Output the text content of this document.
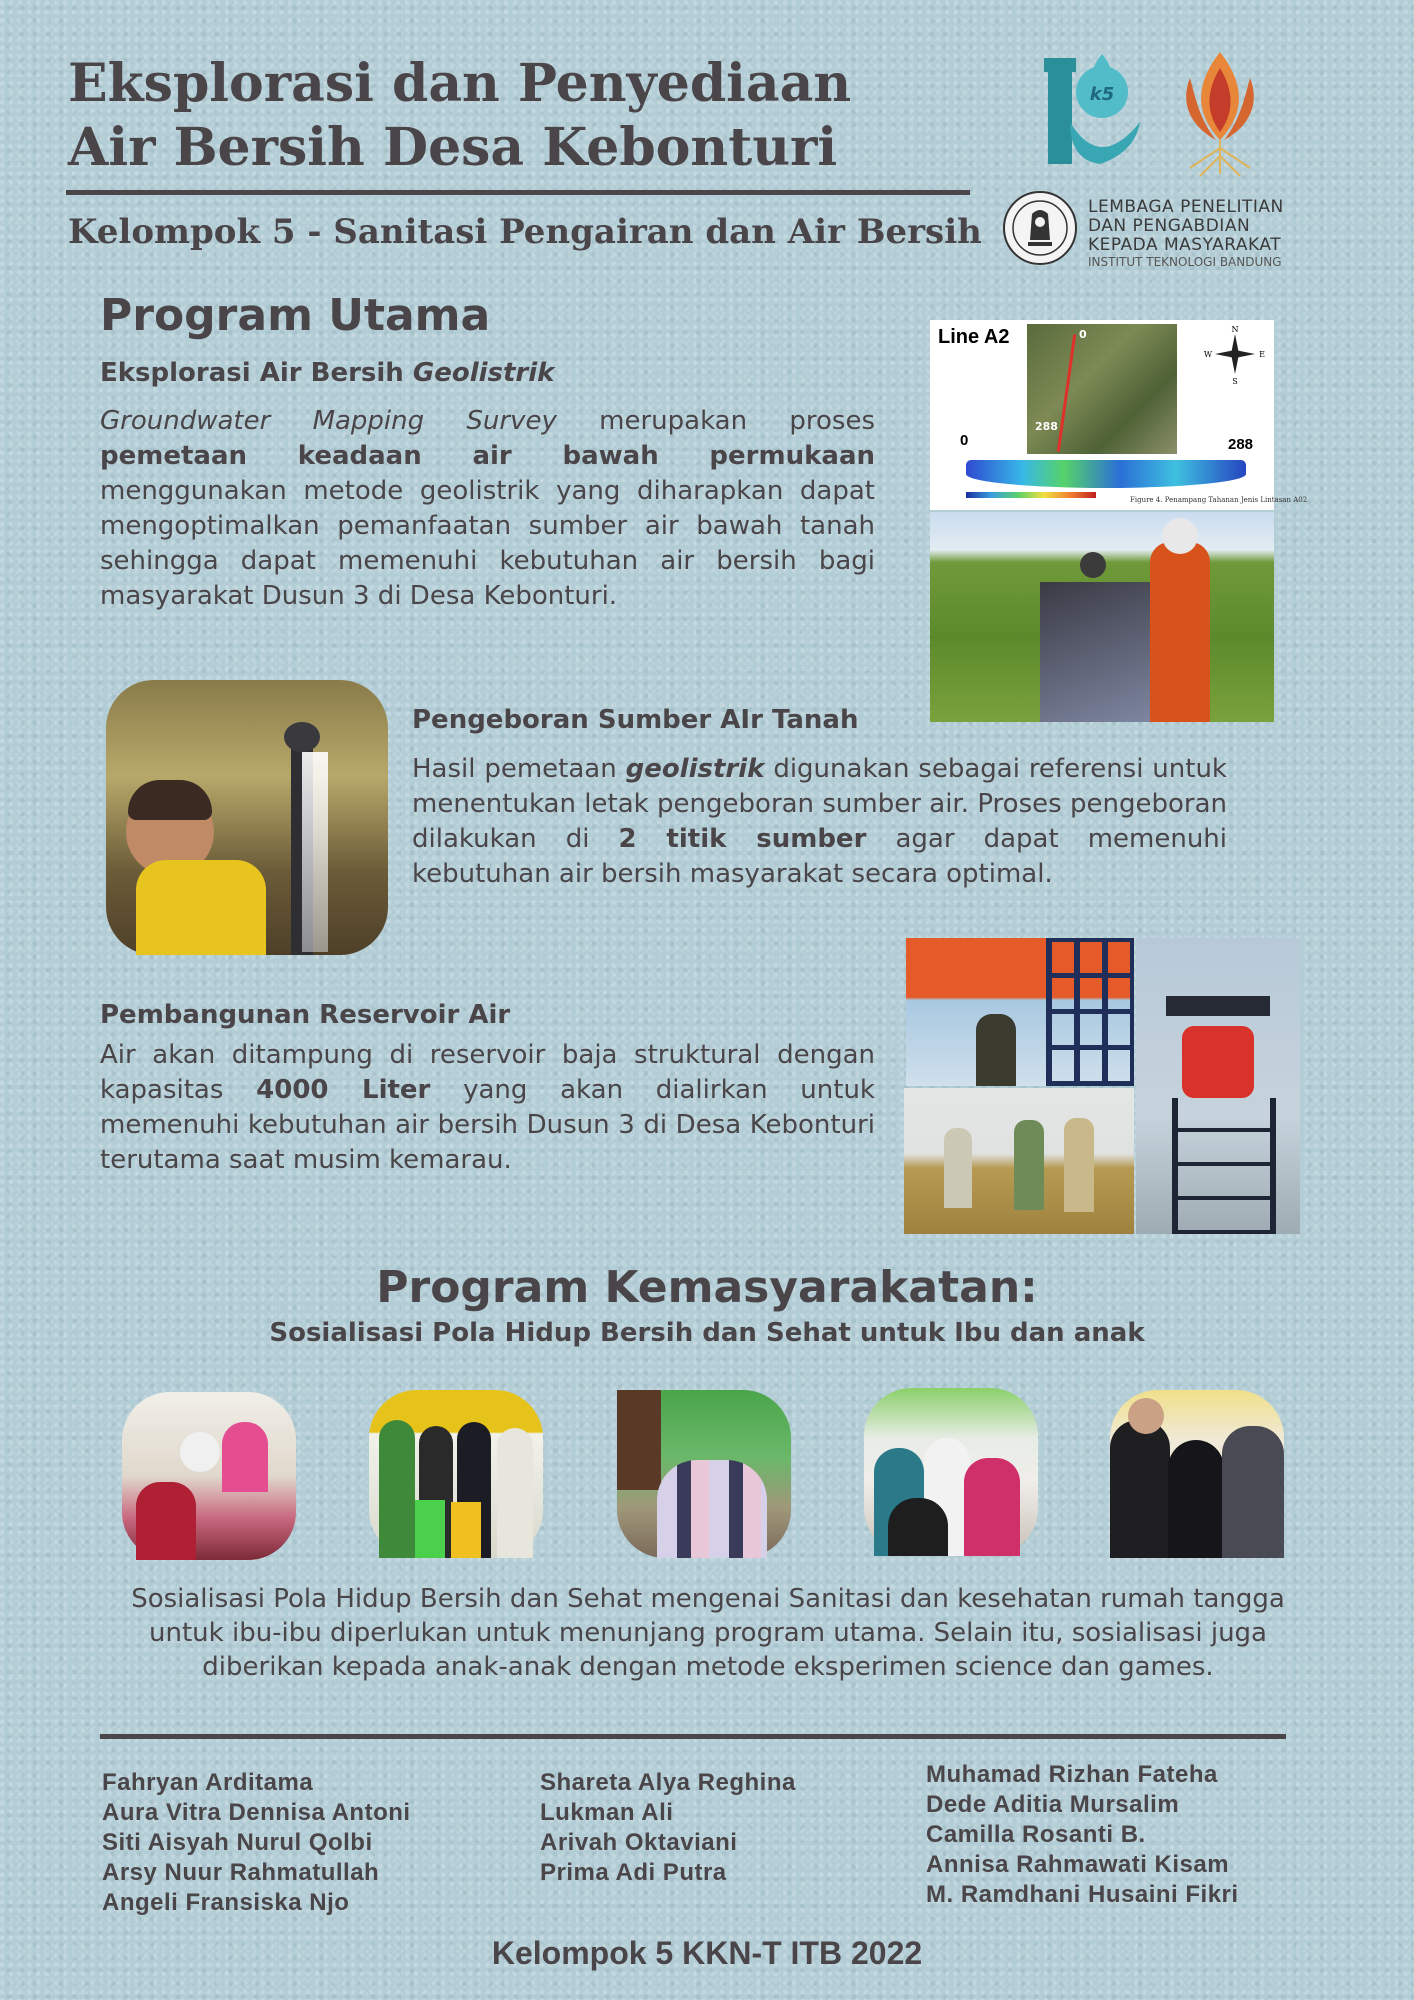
Eksplorasi dan Penyediaan
Air Bersih Desa Kebonturi
Kelompok 5 - Sanitasi Pengairan dan Air Bersih
k5
LEMBAGA PENELITIAN
DAN PENGABDIAN
KEPADA MASYARAKAT
INSTITUT TEKNOLOGI BANDUNG
Program Utama
Eksplorasi Air Bersih Geolistrik
Groundwater Mapping Survey merupakan proses pemetaan keadaan air bawah permukaan menggunakan metode geolistrik yang diharapkan dapat mengoptimalkan pemanfaatan sumber air bawah tanah sehingga dapat memenuhi kebutuhan air bersih bagi masyarakat Dusun 3 di Desa Kebonturi.
Line A2	0
288
N
E
S
W
0	288
Figure 4. Penampang Tahanan Jenis Lintasan A02
Pengeboran Sumber AIr Tanah
Hasil pemetaan geolistrik digunakan sebagai referensi untuk menentukan letak pengeboran sumber air. Proses pengeboran dilakukan di 2 titik sumber agar dapat memenuhi kebutuhan air bersih masyarakat secara optimal.
Pembangunan Reservoir Air
Air akan ditampung di reservoir baja struktural dengan kapasitas 4000 Liter yang akan dialirkan untuk memenuhi kebutuhan air bersih Dusun 3 di Desa Kebonturi terutama saat musim kemarau.
Program Kemasyarakatan:
Sosialisasi Pola Hidup Bersih dan Sehat untuk Ibu dan anak
Sosialisasi Pola Hidup Bersih dan Sehat mengenai Sanitasi dan kesehatan rumah tangga untuk ibu-ibu diperlukan untuk menunjang program utama. Selain itu, sosialisasi juga diberikan kepada anak-anak dengan metode eksperimen science dan games.
Fahryan Arditama
Aura Vitra Dennisa Antoni
Siti Aisyah Nurul Qolbi
Arsy Nuur Rahmatullah
Angeli Fransiska Njo
Shareta Alya Reghina
Lukman Ali
Arivah Oktaviani
Prima Adi Putra
Muhamad Rizhan Fateha
Dede Aditia Mursalim
Camilla Rosanti B.
Annisa Rahmawati Kisam
M. Ramdhani Husaini Fikri
Kelompok 5 KKN-T ITB 2022
